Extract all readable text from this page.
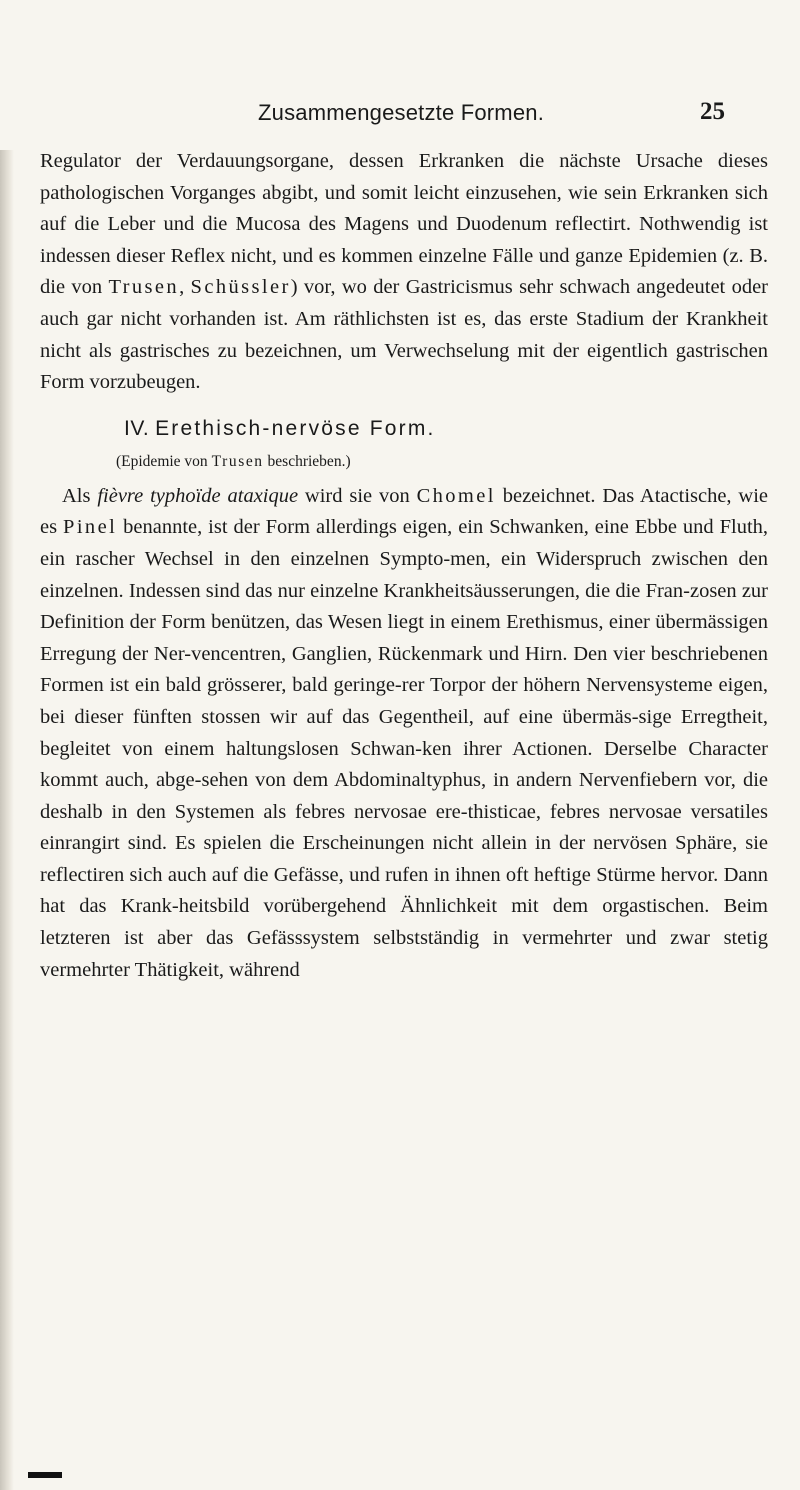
Zusammengesetzte Formen.	25

Regulator der Verdauungsorgane, dessen Erkranken die nächste Ursache dieses pathologischen Vorganges abgibt, und somit leicht einzusehen, wie sein Erkranken sich auf die Leber und die Mucosa des Magens und Duodenum reflectirt. Nothwendig ist indessen dieser Reflex nicht, und es kommen einzelne Fälle und ganze Epidemien (z. B. die von Trusen, Schüssler) vor, wo der Gastricismus sehr schwach angedeutet oder auch gar nicht vorhanden ist. Am räthlichsten ist es, das erste Stadium der Krankheit nicht als gastrisches zu bezeichnen, um Verwechselung mit der eigentlich gastrischen Form vorzubeugen.

IV. Erethisch-nervöse Form.
(Epidemie von Trusen beschrieben.)

Als fièvre typhoïde ataxique wird sie von Chomel bezeichnet. Das Atactische, wie es Pinel benannte, ist der Form allerdings eigen, ein Schwanken, eine Ebbe und Fluth, ein rascher Wechsel in den einzelnen Sympto-men, ein Widerspruch zwischen den einzelnen. Indessen sind das nur einzelne Krankheitsäusserungen, die die Fran-zosen zur Definition der Form benützen, das Wesen liegt in einem Erethismus, einer übermässigen Erregung der Ner-vencentren, Ganglien, Rückenmark und Hirn. Den vier beschriebenen Formen ist ein bald grösserer, bald geringe-rer Torpor der höhern Nervensysteme eigen, bei dieser fünften stossen wir auf das Gegentheil, auf eine übermäs-sige Erregtheit, begleitet von einem haltungslosen Schwan-ken ihrer Actionen. Derselbe Character kommt auch, abge-sehen von dem Abdominaltyphus, in andern Nervenfiebern vor, die deshalb in den Systemen als febres nervosae ere-thisticae, febres nervosae versatiles einrangirt sind. Es spielen die Erscheinungen nicht allein in der nervösen Sphäre, sie reflectiren sich auch auf die Gefässe, und rufen in ihnen oft heftige Stürme hervor. Dann hat das Krank-heitsbild vorübergehend Ähnlichkeit mit dem orgastischen. Beim letzteren ist aber das Gefässsystem selbstständig in vermehrter und zwar stetig vermehrter Thätigkeit, während
